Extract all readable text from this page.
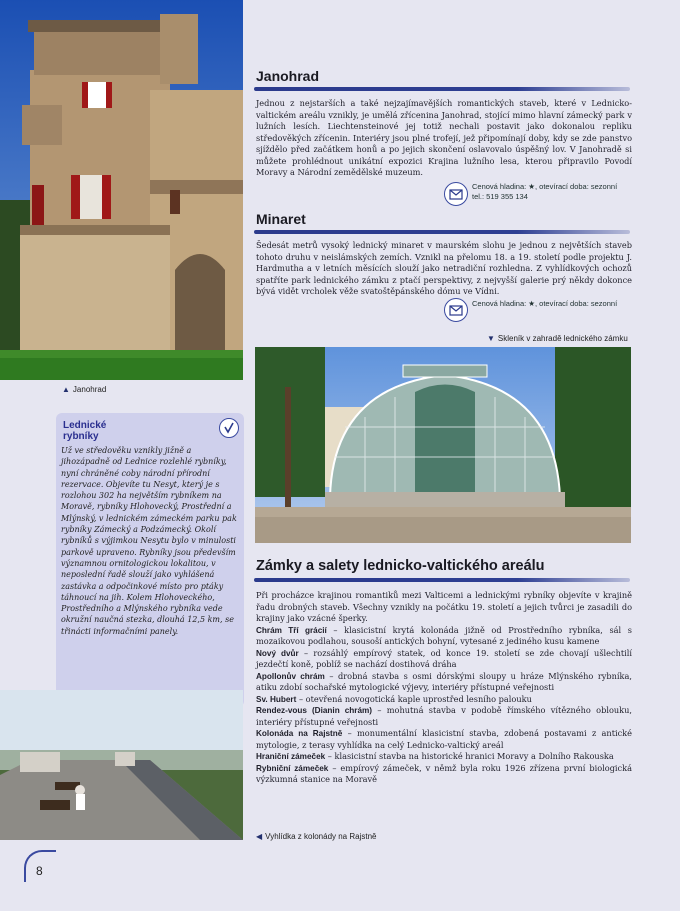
▲ Janohrad
Lednické rybníky
Už ve středověku vznikly jižně a jihozápadně od Lednice rozlehlé rybníky, nyní chráněné coby národní přírodní rezervace. Objevíte tu Nesyt, který je s rozlohou 302 ha největším rybníkem na Moravě, rybníky Hlohovecký, Prostřední a Mlýnský, v lednickém zámeckém parku pak rybníky Zámecký a Podzámecký. Okolí rybníků s výjimkou Nesytu bylo v minulosti parkově upraveno. Rybníky jsou především významnou ornitologickou lokalitou, v neposlední řadě slouží jako vyhlášená zastávka a odpočinkové místo pro ptáky táhnoucí na jih. Kolem Hlohoveckého, Prostředního a Mlýnského rybníka vede okružní naučná stezka, dlouhá 12,5 km, se třinácti informačními panely.
◀ Vyhlídka z kolonády na Rajstně
8
Janohrad
Jednou z nejstarších a také nejzajímavějších romantických staveb, které v Lednicko-valtickém areálu vznikly, je umělá zřícenina Janohrad, stojící mimo hlavní zámecký park v lužních lesích. Liechtensteinové jej totiž nechali postavit jako dokonalou repliku středověkých zřícenin. Interiéry jsou plné trofejí, jež připomínají doby, kdy se zde panstvo sjíždělo před začátkem honů a po jejich skončení oslavovalo úspěšný lov. V Janohradě si můžete prohlédnout unikátní expozici Krajina lužního lesa, kterou připravilo Povodí Moravy a Národní zemědělské muzeum.
Cenová hladina: ★, otevírací doba: sezonní
tel.: 519 355 134
Minaret
Šedesát metrů vysoký lednický minaret v maurském slohu je jednou z největších staveb tohoto druhu v neislámských zemích. Vznikl na přelomu 18. a 19. století podle projektu J. Hardmutha a v letních měsících slouží jako netradiční rozhledna. Z vyhlídkových ochozů spatříte park lednického zámku z ptačí perspektivy, z nejvyšší galerie prý někdy dokonce bývá vidět vrcholek věže svatoštěpánského dómu ve Vídni.
Cenová hladina: ★, otevírací doba: sezonní
▼ Skleník v zahradě lednického zámku
Zámky a salety lednicko-valtického areálu

Při procházce krajinou romantiků mezi Valticemi a lednickými rybníky objevíte v krajině řadu drobných staveb. Všechny vznikly na počátku 19. století a jejich tvůrci je zasadili do krajiny jako vzácné šperky.

Chrám Tří grácií – klasicistní krytá kolonáda jižně od Prostředního rybníka, sál s mozaikovou podlahou, sousoší antických bohyní, vytesané z jediného kusu kamene

Nový dvůr – rozsáhlý empírový statek, od konce 19. století se zde chovají ušlechtilí jezdečtí koně, poblíž se nachází dostihová dráha

Apollonův chrám – drobná stavba s osmi dórskými sloupy u hráze Mlýnského rybníka, atiku zdobí sochařské mytologické výjevy, interiéry přístupné veřejnosti

Sv. Hubert – otevřená novogotická kaple uprostřed lesního palouku

Rendez-vous (Dianin chrám) – mohutná stavba v podobě římského vítězného oblouku, interiéry přístupné veřejnosti

Kolonáda na Rajstně – monumentální klasicistní stavba, zdobená postavami z antické mytologie, z terasy vyhlídka na celý Lednicko-valtický areál

Hraniční zámeček – klasicistní stavba na historické hranici Moravy a Dolního Rakouska

Rybniční zámeček – empírový zámeček, v němž byla roku 1926 zřízena první biologická výzkumná stanice na Moravě
